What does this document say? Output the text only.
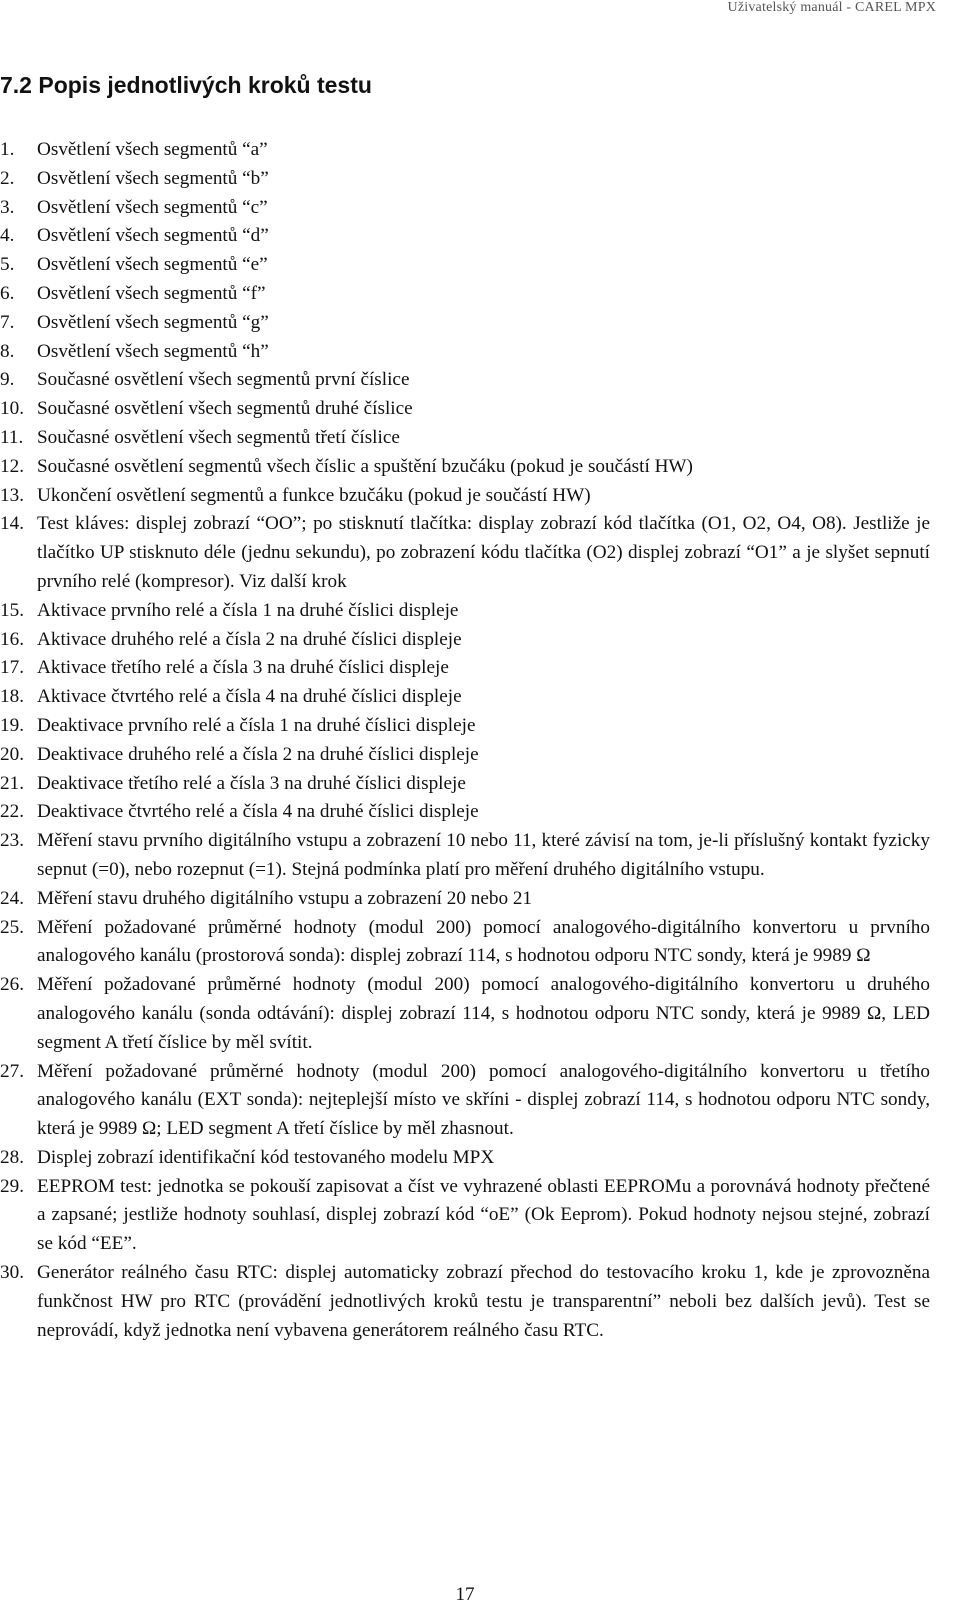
Uživatelský manuál - CAREL MPX
7.2 Popis jednotlivých kroků testu
1.	Osvětlení všech segmentů “a”
2.	Osvětlení všech segmentů “b”
3.	Osvětlení všech segmentů “c”
4.	Osvětlení všech segmentů “d”
5.	Osvětlení všech segmentů “e”
6.	Osvětlení všech segmentů “f”
7.	Osvětlení všech segmentů “g”
8.	Osvětlení všech segmentů “h”
9.	Současné osvětlení všech segmentů první číslice
10. Současné osvětlení všech segmentů druhé číslice
11. Současné osvětlení všech segmentů třetí číslice
12. Současné osvětlení segmentů všech číslic a spuštění bzučáku (pokud je součástí HW)
13. Ukončení osvětlení segmentů a funkce bzučáku (pokud je součástí HW)
14. Test kláves: displej zobrazí “OO”; po stisknutí tlačítka: display zobrazí kód tlačítka (O1, O2, O4, O8). Jestliže je tlačítko UP stisknuto déle (jednu sekundu), po zobrazení kódu tlačítka (O2) displej zobrazí “O1” a je slyšet sepnutí prvního relé (kompresor). Viz další krok
15. Aktivace prvního relé a čísla 1 na druhé číslici displeje
16. Aktivace druhého relé a čísla 2 na druhé číslici displeje
17. Aktivace třetího relé a čísla 3 na druhé číslici displeje
18. Aktivace čtvrtého relé a čísla 4 na druhé číslici displeje
19. Deaktivace prvního relé a čísla 1 na druhé číslici displeje
20. Deaktivace druhého relé a čísla 2 na druhé číslici displeje
21. Deaktivace třetího relé a čísla 3 na druhé číslici displeje
22. Deaktivace čtvrtého relé a čísla 4 na druhé číslici displeje
23. Měření stavu prvního digitálního vstupu a zobrazení 10 nebo 11, které závisí na tom, je-li příslušný kontakt fyzicky sepnut (=0), nebo rozepnut (=1). Stejná podmínka platí pro měření druhého digitálního vstupu.
24. Měření stavu druhého digitálního vstupu a zobrazení 20 nebo 21
25. Měření požadované průměrné hodnoty (modul 200) pomocí analogového-digitálního konvertoru u prvního analogového kanálu (prostorová sonda): displej zobrazí 114, s hodnotou odporu NTC sondy, která je 9989 Ω
26. Měření požadované průměrné hodnoty (modul 200) pomocí analogového-digitálního konvertoru u druhého analogového kanálu (sonda odtávání): displej zobrazí 114, s hodnotou odporu NTC sondy, která je 9989 Ω, LED segment A třetí číslice by měl svítit.
27. Měření požadované průměrné hodnoty (modul 200) pomocí analogového-digitálního konvertoru u třetího analogového kanálu (EXT sonda): nejteplejší místo ve skříni - displej zobrazí 114, s hodnotou odporu NTC sondy, která je 9989 Ω; LED segment A třetí číslice by měl zhasnout.
28. Displej zobrazí identifikační kód testovaného modelu MPX
29. EEPROM test: jednotka se pokouší zapisovat a číst ve vyhrazené oblasti EEPROMu a porovnává hodnoty přečtené a zapsané; jestliže hodnoty souhlasí, displej zobrazí kód “oE” (Ok Eeprom). Pokud hodnoty nejsou stejné, zobrazí se kód “EE”.
30. Generátor reálného času RTC: displej automaticky zobrazí přechod do testovacího kroku 1, kde je zprovozněna funkčnost HW pro RTC (provádění jednotlivých kroků testu je transparentní” neboli bez dalších jevů). Test se neprovádí, když jednotka není vybavena generátorem reálného času RTC.
17
